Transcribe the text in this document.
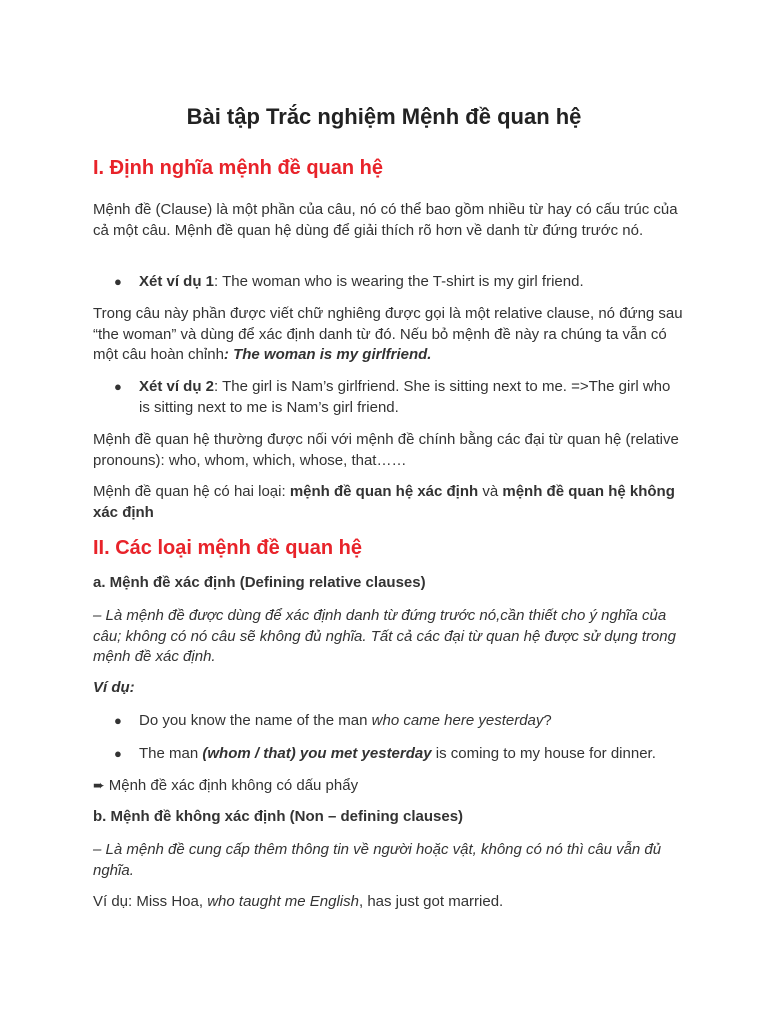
Bài tập Trắc nghiệm Mệnh đề quan hệ
I. Định nghĩa mệnh đề quan hệ

Mệnh đề (Clause) là một phần của câu, nó có thể bao gồm nhiều từ hay có cấu trúc của cả một câu. Mệnh đề quan hệ dùng để giải thích rõ hơn về danh từ đứng trước nó.

● Xét ví dụ 1: The woman who is wearing the T-shirt is my girl friend.

Trong câu này phần được viết chữ nghiêng được gọi là một relative clause, nó đứng sau “the woman” và dùng để xác định danh từ đó. Nếu bỏ mệnh đề này ra chúng ta vẫn có một câu hoàn chỉnh: The woman is my girlfriend.

● Xét ví dụ 2: The girl is Nam’s girlfriend. She is sitting next to me. =>The girl who is sitting next to me is Nam’s girl friend.

Mệnh đề quan hệ thường được nối với mệnh đề chính bằng các đại từ quan hệ (relative pronouns): who, whom, which, whose, that……

Mệnh đề quan hệ có hai loại: mệnh đề quan hệ xác định và mệnh đề quan hệ không xác định

II. Các loại mệnh đề quan hệ

a. Mệnh đề xác định (Defining relative clauses)

– Là mệnh đề được dùng để xác định danh từ đứng trước nó,cần thiết cho ý nghĩa của câu; không có nó câu sẽ không đủ nghĩa. Tất cả các đại từ quan hệ được sử dụng trong mệnh đề xác định.

Ví dụ:

● Do you know the name of the man who came here yesterday?

● The man (whom / that) you met yesterday is coming to my house for dinner.

➨ Mệnh đề xác định không có dấu phẩy

b. Mệnh đề không xác định (Non – defining clauses)

– Là mệnh đề cung cấp thêm thông tin về người hoặc vật, không có nó thì câu vẫn đủ nghĩa.

Ví dụ: Miss Hoa, who taught me English, has just got married.
